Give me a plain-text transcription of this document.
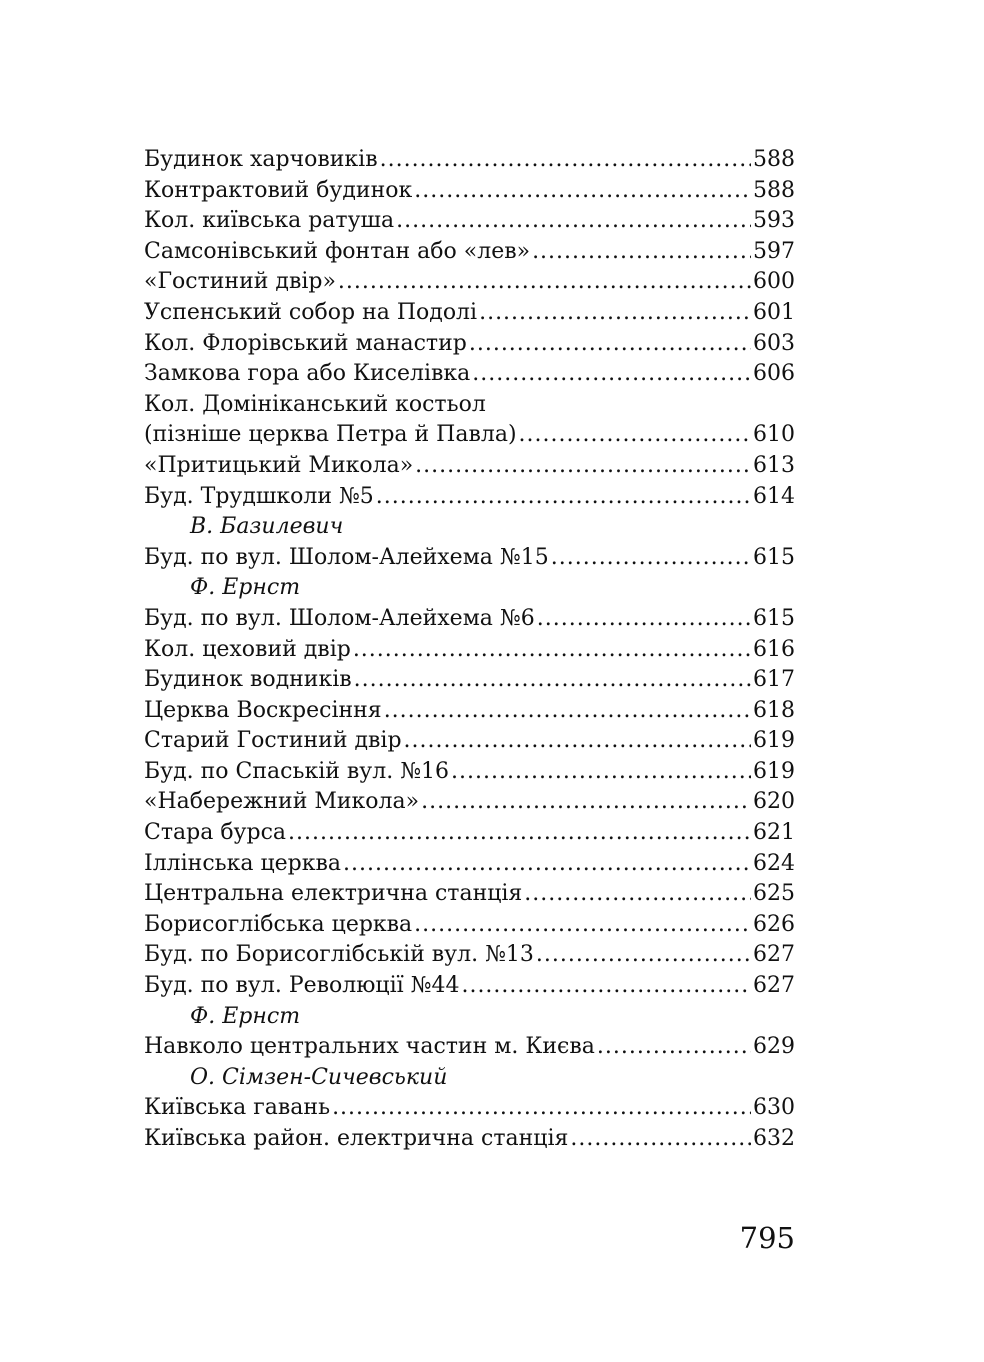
Будинок харчовиків .....	588
Контрактовий будинок .....	588
Кол. київська ратуша .....	593
Самсонівський фонтан або «лев» .....	597
«Гостиний двір» .....	600
Успенський собор на Подолі .....	601
Кол. Флорівський манастир .....	603
Замкова гора або Киселівка .....	606
Кол. Домініканський костьол
(пізніше церква Петра й Павла) .....	610
«Притицький Микола» .....	613
Буд. Трудшколи №5 .....	614
В. Базилевич
Буд. по вул. Шолом-Алейхема №15 .....	615
Ф. Ернст
Буд. по вул. Шолом-Алейхема №6 .....	615
Кол. цеховий двір .....	616
Будинок водників .....	617
Церква Воскресіння .....	618
Старий Гостиний двір .....	619
Буд. по Спаській вул. №16 .....	619
«Набережний Микола» .....	620
Стара бурса .....	621
Іллінська церква .....	624
Центральна електрична станція .....	625
Борисоглібська церква .....	626
Буд. по Борисоглібській вул. №13 .....	627
Буд. по вул. Революції №44 .....	627
Ф. Ернст
Навколо центральних частин м. Києва .....	629
О. Сімзен-Сичевський
Київська гавань .....	630
Київська район. електрична станція .....	632
795
